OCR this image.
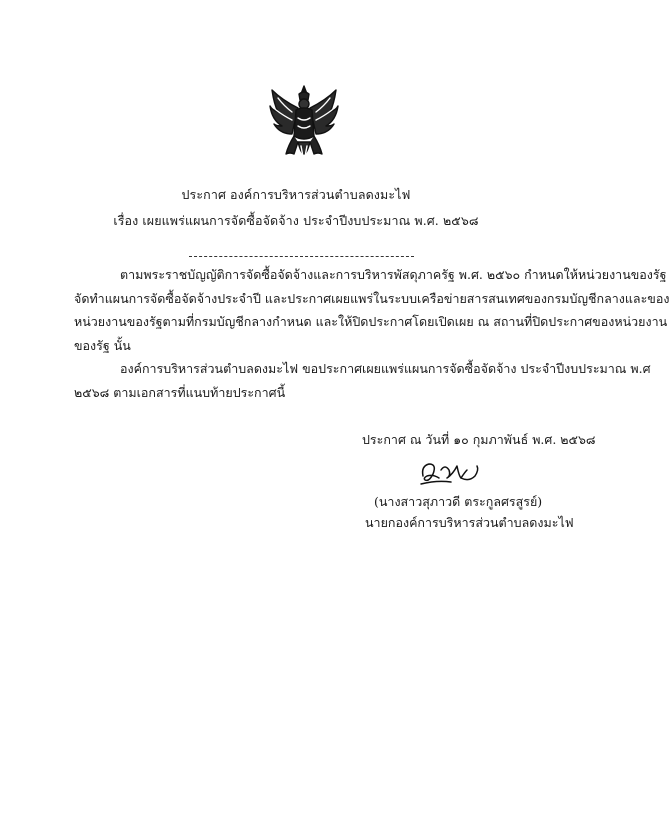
ประกาศ องค์การบริหารส่วนตำบลดงมะไฟ
เรื่อง เผยแพร่แผนการจัดซื้อจัดจ้าง ประจำปีงบประมาณ พ.ศ. ๒๕๖๘
ตามพระราชบัญญัติการจัดซื้อจัดจ้างและการบริหารพัสดุภาครัฐ พ.ศ. ๒๕๖๐ กำหนดให้หน่วยงานของรัฐ
จัดทำแผนการจัดซื้อจัดจ้างประจำปี และประกาศเผยแพร่ในระบบเครือข่ายสารสนเทศของกรมบัญชีกลางและของ
หน่วยงานของรัฐตามที่กรมบัญชีกลางกำหนด และให้ปิดประกาศโดยเปิดเผย ณ สถานที่ปิดประกาศของหน่วยงาน
ของรัฐ นั้น
องค์การบริหารส่วนตำบลดงมะไฟ ขอประกาศเผยแพร่แผนการจัดซื้อจัดจ้าง ประจำปีงบประมาณ พ.ศ
๒๕๖๘ ตามเอกสารที่แนบท้ายประกาศนี้
ประกาศ ณ วันที่ ๑๐ กุมภาพันธ์ พ.ศ. ๒๕๖๘
(นางสาวสุภาวดี ตระกูลศรสูรย์)
นายกองค์การบริหารส่วนตำบลดงมะไฟ
